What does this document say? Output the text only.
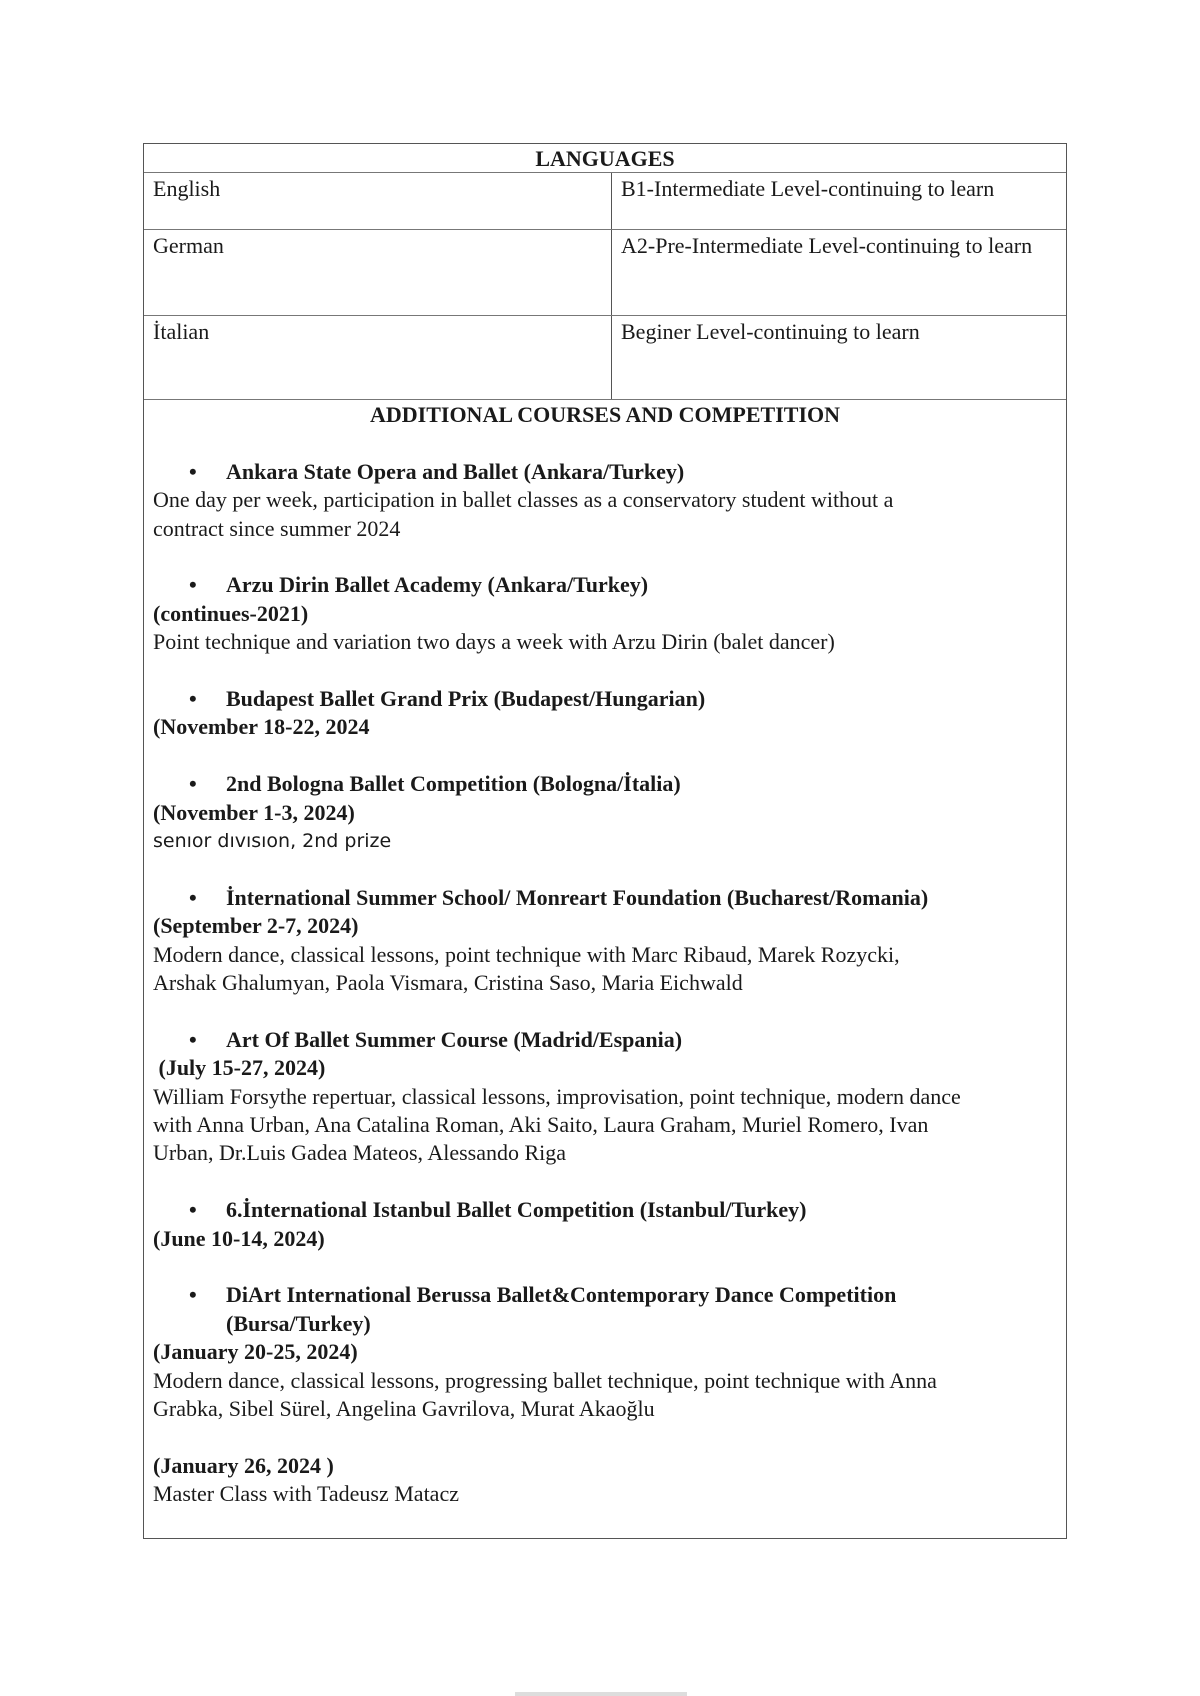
LANGUAGES
English	B1-Intermediate Level-continuing to learn
German	A2-Pre-Intermediate Level-continuing to learn
İtalian	Beginer Level-continuing to learn
ADDITIONAL COURSES AND COMPETITION
• Ankara State Opera and Ballet (Ankara/Turkey)
One day per week, participation in ballet classes as a conservatory student without a
contract since summer 2024
• Arzu Dirin Ballet Academy (Ankara/Turkey)
(continues-2021)
Point technique and variation two days a week with Arzu Dirin (balet dancer)
• Budapest Ballet Grand Prix (Budapest/Hungarian)
(November 18-22, 2024
• 2nd Bologna Ballet Competition (Bologna/İtalia)
(November 1-3, 2024)
senıor dıvısıon, 2nd prize
• İnternational Summer School/ Monreart Foundation (Bucharest/Romania)
(September 2-7, 2024)
Modern dance, classical lessons, point technique with Marc Ribaud, Marek Rozycki,
Arshak Ghalumyan, Paola Vismara, Cristina Saso, Maria Eichwald
• Art Of Ballet Summer Course (Madrid/Espania)
(July 15-27, 2024)
William Forsythe repertuar, classical lessons, improvisation, point technique, modern dance
with Anna Urban, Ana Catalina Roman, Aki Saito, Laura Graham, Muriel Romero, Ivan
Urban, Dr.Luis Gadea Mateos, Alessando Riga
• 6.İnternational Istanbul Ballet Competition (Istanbul/Turkey)
(June 10-14, 2024)
• DiArt International Berussa Ballet&Contemporary Dance Competition
(Bursa/Turkey)
(January 20-25, 2024)
Modern dance, classical lessons, progressing ballet technique, point technique with Anna
Grabka, Sibel Sürel, Angelina Gavrilova, Murat Akaoğlu
(January 26, 2024 )
Master Class with Tadeusz Matacz
